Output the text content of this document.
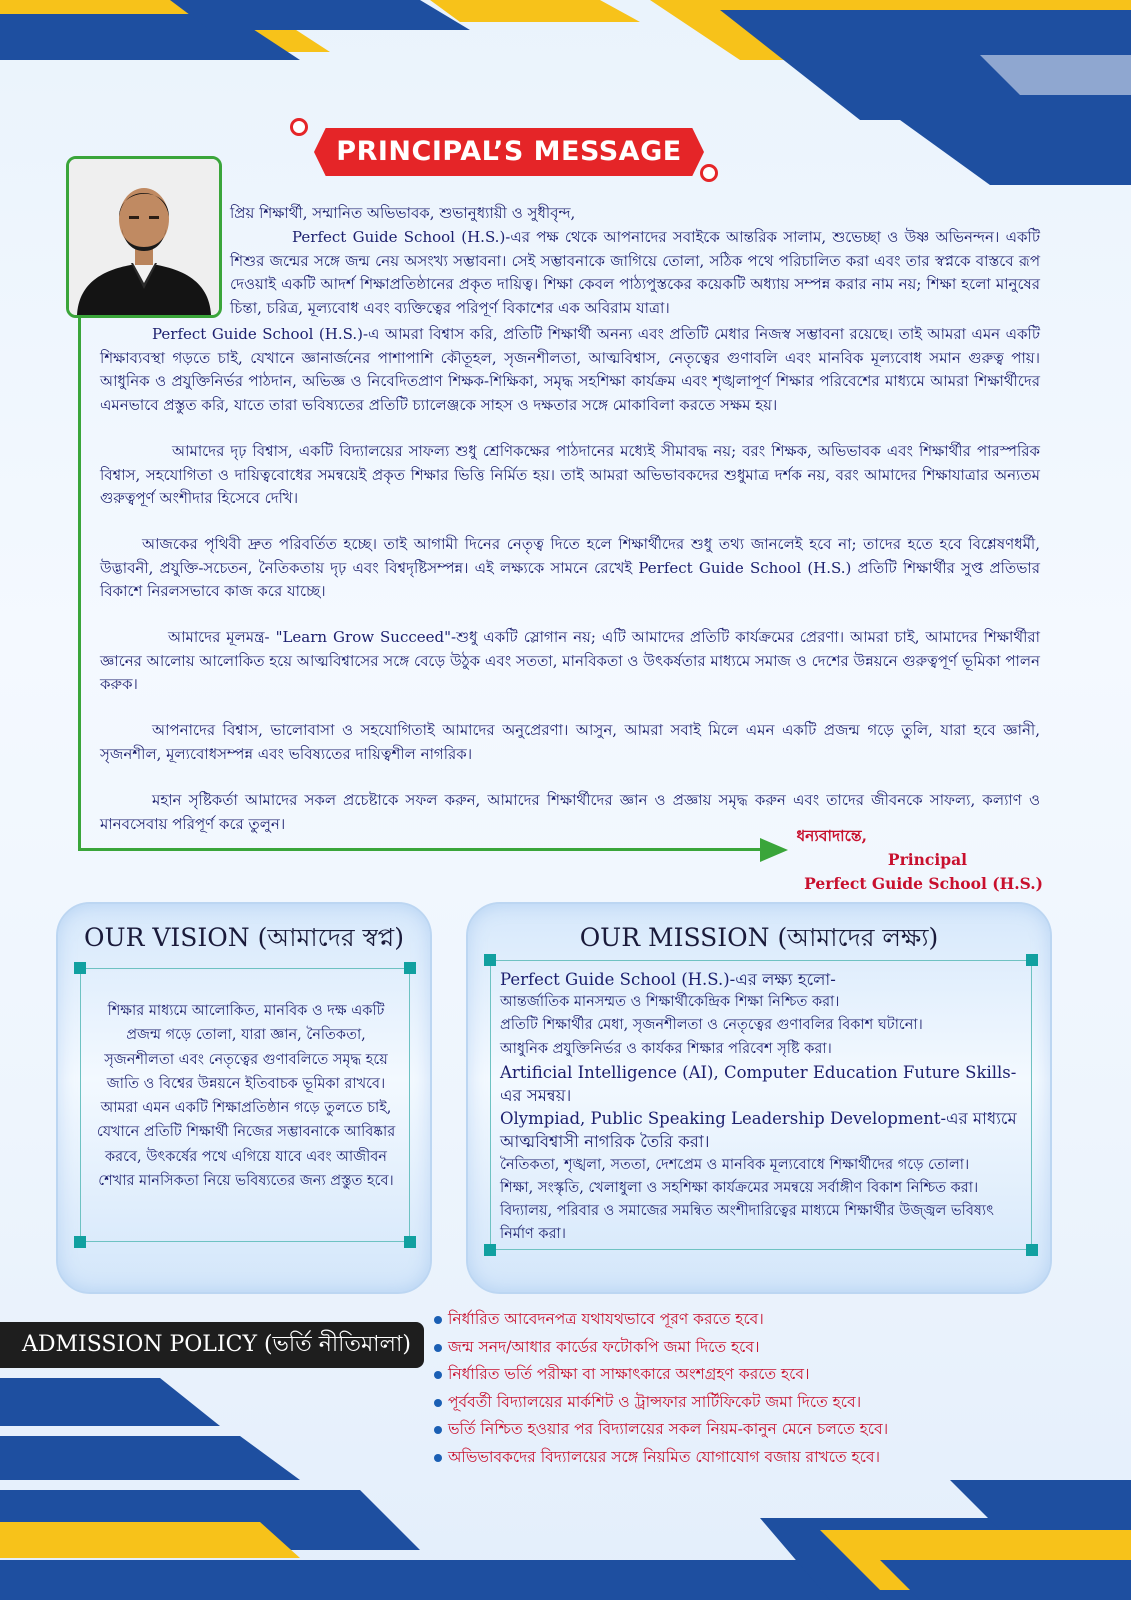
PRINCIPAL’S MESSAGE
প্রিয় শিক্ষার্থী, সম্মানিত অভিভাবক, শুভানুধ্যায়ী ও সুধীবৃন্দ,
Perfect Guide School (H.S.)-এর পক্ষ থেকে আপনাদের সবাইকে আন্তরিক সালাম, শুভেচ্ছা ও উষ্ণ অভিনন্দন। একটি শিশুর জন্মের সঙ্গে জন্ম নেয় অসংখ্য সম্ভাবনা। সেই সম্ভাবনাকে জাগিয়ে তোলা, সঠিক পথে পরিচালিত করা এবং তার স্বপ্নকে বাস্তবে রূপ দেওয়াই একটি আদর্শ শিক্ষাপ্রতিষ্ঠানের প্রকৃত দায়িত্ব। শিক্ষা কেবল পাঠ্যপুস্তকের কয়েকটি অধ্যায় সম্পন্ন করার নাম নয়; শিক্ষা হলো মানুষের চিন্তা, চরিত্র, মূল্যবোধ এবং ব্যক্তিত্বের পরিপূর্ণ বিকাশের এক অবিরাম যাত্রা।
Perfect Guide School (H.S.)-এ আমরা বিশ্বাস করি, প্রতিটি শিক্ষার্থী অনন্য এবং প্রতিটি মেধার নিজস্ব সম্ভাবনা রয়েছে। তাই আমরা এমন একটি শিক্ষাব্যবস্থা গড়তে চাই, যেখানে জ্ঞানার্জনের পাশাপাশি কৌতূহল, সৃজনশীলতা, আত্মবিশ্বাস, নেতৃত্বের গুণাবলি এবং মানবিক মূল্যবোধ সমান গুরুত্ব পায়। আধুনিক ও প্রযুক্তিনির্ভর পাঠদান, অভিজ্ঞ ও নিবেদিতপ্রাণ শিক্ষক-শিক্ষিকা, সমৃদ্ধ সহশিক্ষা কার্যক্রম এবং শৃঙ্খলাপূর্ণ শিক্ষার পরিবেশের মাধ্যমে আমরা শিক্ষার্থীদের এমনভাবে প্রস্তুত করি, যাতে তারা ভবিষ্যতের প্রতিটি চ্যালেঞ্জকে সাহস ও দক্ষতার সঙ্গে মোকাবিলা করতে সক্ষম হয়।
আমাদের দৃঢ় বিশ্বাস, একটি বিদ্যালয়ের সাফল্য শুধু শ্রেণিকক্ষের পাঠদানের মধ্যেই সীমাবদ্ধ নয়; বরং শিক্ষক, অভিভাবক এবং শিক্ষার্থীর পারস্পরিক বিশ্বাস, সহযোগিতা ও দায়িত্ববোধের সমন্বয়েই প্রকৃত শিক্ষার ভিত্তি নির্মিত হয়। তাই আমরা অভিভাবকদের শুধুমাত্র দর্শক নয়, বরং আমাদের শিক্ষাযাত্রার অন্যতম গুরুত্বপূর্ণ অংশীদার হিসেবে দেখি।
আজকের পৃথিবী দ্রুত পরিবর্তিত হচ্ছে। তাই আগামী দিনের নেতৃত্ব দিতে হলে শিক্ষার্থীদের শুধু তথ্য জানলেই হবে না; তাদের হতে হবে বিশ্লেষণধর্মী, উদ্ভাবনী, প্রযুক্তি-সচেতন, নৈতিকতায় দৃঢ় এবং বিশ্বদৃষ্টিসম্পন্ন। এই লক্ষ্যকে সামনে রেখেই Perfect Guide School (H.S.) প্রতিটি শিক্ষার্থীর সুপ্ত প্রতিভার বিকাশে নিরলসভাবে কাজ করে যাচ্ছে।
আমাদের মূলমন্ত্র- "Learn Grow Succeed"-শুধু একটি স্লোগান নয়; এটি আমাদের প্রতিটি কার্যক্রমের প্রেরণা। আমরা চাই, আমাদের শিক্ষার্থীরা জ্ঞানের আলোয় আলোকিত হয়ে আত্মবিশ্বাসের সঙ্গে বেড়ে উঠুক এবং সততা, মানবিকতা ও উৎকর্ষতার মাধ্যমে সমাজ ও দেশের উন্নয়নে গুরুত্বপূর্ণ ভূমিকা পালন করুক।
আপনাদের বিশ্বাস, ভালোবাসা ও সহযোগিতাই আমাদের অনুপ্রেরণা। আসুন, আমরা সবাই মিলে এমন একটি প্রজন্ম গড়ে তুলি, যারা হবে জ্ঞানী, সৃজনশীল, মূল্যবোধসম্পন্ন এবং ভবিষ্যতের দায়িত্বশীল নাগরিক।
মহান সৃষ্টিকর্তা আমাদের সকল প্রচেষ্টাকে সফল করুন, আমাদের শিক্ষার্থীদের জ্ঞান ও প্রজ্ঞায় সমৃদ্ধ করুন এবং তাদের জীবনকে সাফল্য, কল্যাণ ও মানবসেবায় পরিপূর্ণ করে তুলুন।
ধন্যবাদান্তে,
Principal
Perfect Guide School (H.S.)
OUR VISION (আমাদের স্বপ্ন)
শিক্ষার মাধ্যমে আলোকিত, মানবিক ও দক্ষ একটি প্রজন্ম গড়ে তোলা, যারা জ্ঞান, নৈতিকতা, সৃজনশীলতা এবং নেতৃত্বের গুণাবলিতে সমৃদ্ধ হয়ে জাতি ও বিশ্বের উন্নয়নে ইতিবাচক ভূমিকা রাখবে। আমরা এমন একটি শিক্ষাপ্রতিষ্ঠান গড়ে তুলতে চাই, যেখানে প্রতিটি শিক্ষার্থী নিজের সম্ভাবনাকে আবিষ্কার করবে, উৎকর্ষের পথে এগিয়ে যাবে এবং আজীবন শেখার মানসিকতা নিয়ে ভবিষ্যতের জন্য প্রস্তুত হবে।
OUR MISSION (আমাদের লক্ষ্য)
Perfect Guide School (H.S.)-এর লক্ষ্য হলো-
আন্তর্জাতিক মানসম্মত ও শিক্ষার্থীকেন্দ্রিক শিক্ষা নিশ্চিত করা।
প্রতিটি শিক্ষার্থীর মেধা, সৃজনশীলতা ও নেতৃত্বের গুণাবলির বিকাশ ঘটানো।
আধুনিক প্রযুক্তিনির্ভর ও কার্যকর শিক্ষার পরিবেশ সৃষ্টি করা।
Artificial Intelligence (AI), Computer Education Future Skills-এর সমন্বয়।
Olympiad, Public Speaking Leadership Development-এর মাধ্যমে আত্মবিশ্বাসী নাগরিক তৈরি করা।
নৈতিকতা, শৃঙ্খলা, সততা, দেশপ্রেম ও মানবিক মূল্যবোধে শিক্ষার্থীদের গড়ে তোলা।
শিক্ষা, সংস্কৃতি, খেলাধুলা ও সহশিক্ষা কার্যক্রমের সমন্বয়ে সর্বাঙ্গীণ বিকাশ নিশ্চিত করা।
বিদ্যালয়, পরিবার ও সমাজের সমন্বিত অংশীদারিত্বের মাধ্যমে শিক্ষার্থীর উজ্জ্বল ভবিষ্যৎ নির্মাণ করা।
ADMISSION POLICY (ভর্তি নীতিমালা)
নির্ধারিত আবেদনপত্র যথাযথভাবে পূরণ করতে হবে।
জন্ম সনদ/আধার কার্ডের ফটোকপি জমা দিতে হবে।
নির্ধারিত ভর্তি পরীক্ষা বা সাক্ষাৎকারে অংশগ্রহণ করতে হবে।
পূর্ববর্তী বিদ্যালয়ের মার্কশিট ও ট্রান্সফার সার্টিফিকেট জমা দিতে হবে।
ভর্তি নিশ্চিত হওয়ার পর বিদ্যালয়ের সকল নিয়ম-কানুন মেনে চলতে হবে।
অভিভাবকদের বিদ্যালয়ের সঙ্গে নিয়মিত যোগাযোগ বজায় রাখতে হবে।
